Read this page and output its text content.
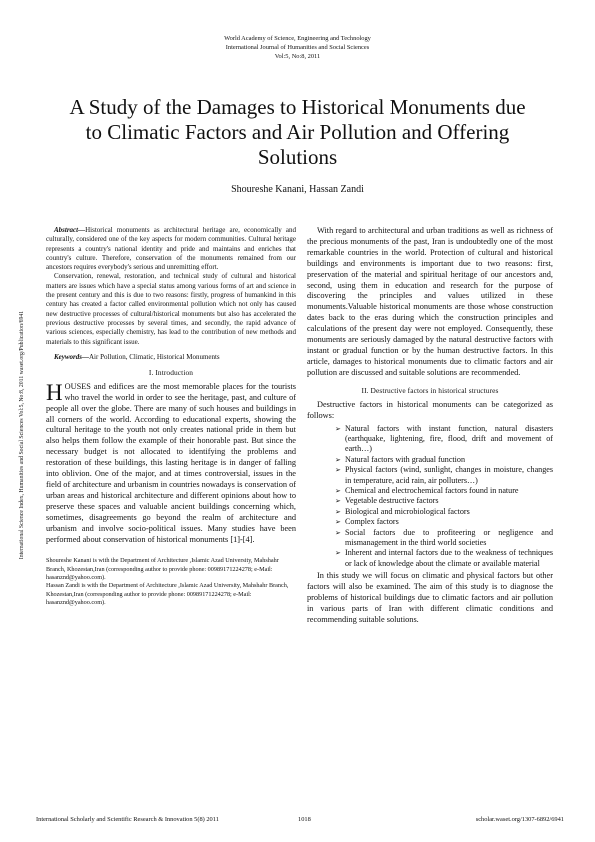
World Academy of Science, Engineering and Technology
International Journal of Humanities and Social Sciences
Vol:5, No:8, 2011
A Study of the Damages to Historical Monuments due to Climatic Factors and Air Pollution and Offering Solutions
Shoureshe Kanani, Hassan Zandi
International Science Index, Humanities and Social Sciences Vol:5, No:8, 2011 waset.org/Publication/6941

Abstract—Historical monuments as architectural heritage are, economically and culturally, considered one of the key aspects for modern communities. Cultural heritage represents a country's national identity and pride and maintains and enriches that country's culture. Therefore, conservation of the monuments remained from our ancestors requires everybody's serious and unremitting effort.

Conservation, renewal, restoration, and technical study of cultural and historical matters are issues which have a special status among various forms of art and science in the present century and this is due to two reasons: firstly, progress of humankind in this century has created a factor called environmental pollution which not only has caused new destructive processes of cultural/historical monuments but also has accelerated the previous destructive processes by several times, and secondly, the rapid advance of various sciences, especially chemistry, has lead to the contribution of new methods and materials to this significant issue.

Keywords—Air Pollution, Climatic, Historical Monuments

I. Introduction
HOUSES and edifices are the most memorable places for the tourists who travel the world in order to see the heritage, past, and culture of people all over the globe. There are many of such houses and buildings in all corners of the world. According to educational experts, showing the cultural heritage to the youth not only creates national pride in them but also helps them follow the example of their honorable past. But since the necessary budget is not allocated to identifying the problems and restoration of these buildings, this lasting heritage is in danger of falling into oblivion. One of the major, and at times controversial, issues in the field of architecture and urbanism in countries nowadays is conservation of urban areas and historical architecture and different opinions about how to preserve these spaces and valuable ancient buildings concerning which, sometimes, disagreements go beyond the realm of architecture and urbanism and involve socio-political issues. Many studies have been performed about conservation of historical monuments [1]-[4].

Shoureshe Kanani is with the Department of Architecture ,Islamic Azad University, Mahshahr Branch, Khozestan,Iran (corresponding author to provide phone: 00989171224278; e-Mail: hasanznd@yahoo.com).

Hassan Zandi is with the Department of Architecture ,Islamic Azad University, Mahshahr Branch, Khozestan,Iran (corresponding author to provide phone: 00989171224278; e-Mail: hasanznd@yahoo.com).

With regard to architectural and urban traditions as well as richness of the precious monuments of the past, Iran is undoubtedly one of the most remarkable countries in the world. Protection of cultural and historical buildings and environments is important due to two reasons: first, preservation of the material and spiritual heritage of our ancestors and, second, using them in education and research for the purpose of discovering the principles and values utilized in these monuments.Valuable historical monuments are those whose construction dates back to the eras during which the construction principles and calculations of the present day were not employed. Consequently, these monuments are seriously damaged by the natural destructive factors with instant or gradual function or by the human destructive factors. In this article, damages to historical monuments due to climatic factors and air pollution are discussed and suitable solutions are recommended.

II. Destructive factors in historical structures

Destructive factors in historical monuments can be categorized as follows:

➢ Natural factors with instant function, natural disasters (earthquake, lightening, fire, flood, drift and movement of earth…)
➢ Natural factors with gradual function
➢ Physical factors (wind, sunlight, changes in moisture, changes in temperature, acid rain, air polluters…)
➢ Chemical and electrochemical factors found in nature
➢ Vegetable destructive factors
➢ Biological and microbiological factors
➢ Complex factors
➢ Social factors due to profiteering or negligence and mismanagement in the third world societies
➢ Inherent and internal factors due to the weakness of techniques or lack of knowledge about the climate or available material

In this study we will focus on climatic and physical factors but other factors will also be examined. The aim of this study is to diagnose the problems of historical buildings due to climatic factors and air pollution in various parts of Iran with different climatic conditions and recommending suitable solutions.

International Scholarly and Scientific Research & Innovation 5(8) 2011	1018	scholar.waset.org/1307-6892/6941
